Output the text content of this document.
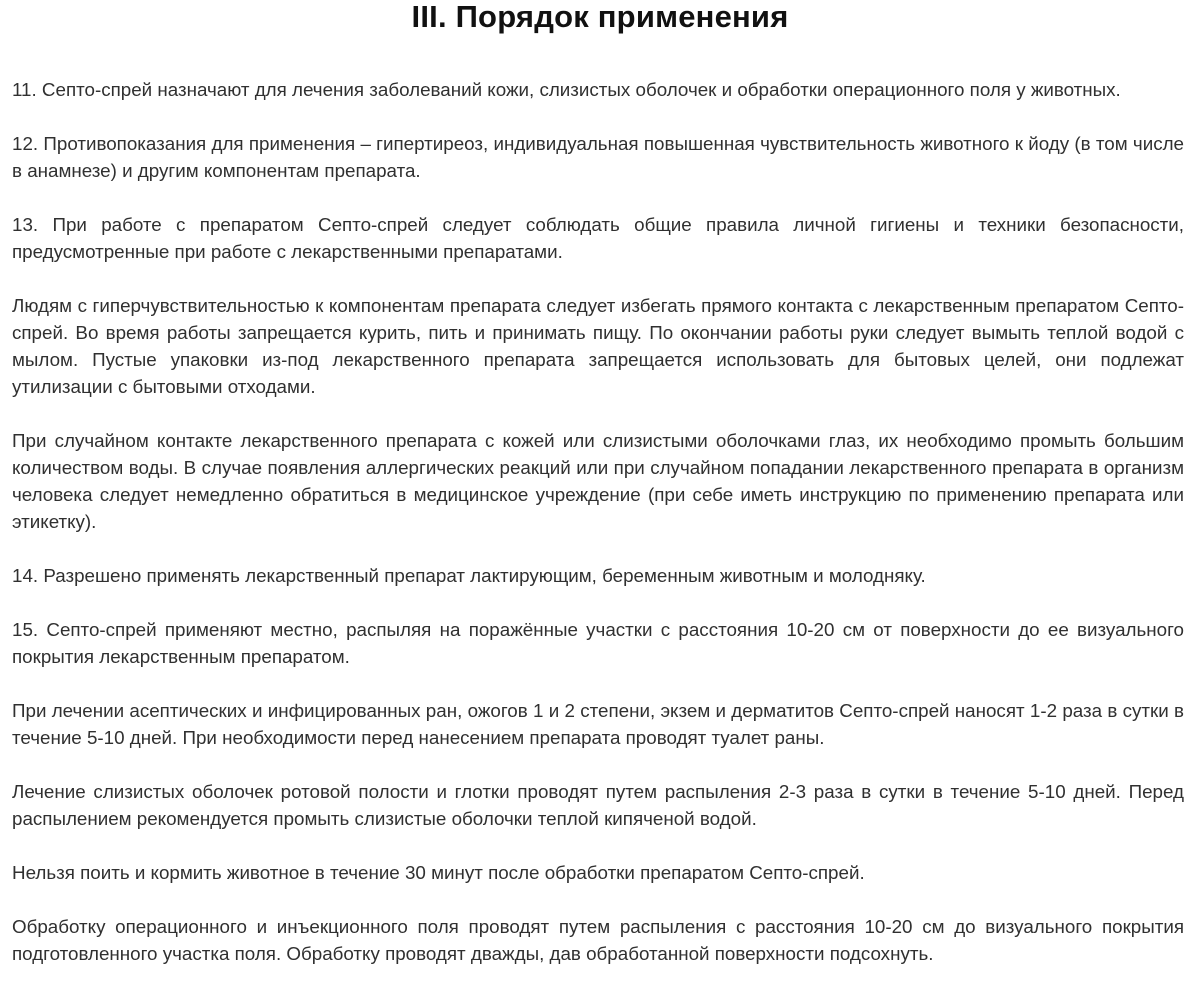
III. Порядок применения

11. Септо-спрей назначают для лечения заболеваний кожи, слизистых оболочек и обработки операционного поля у животных.

12. Противопоказания для применения – гипертиреоз, индивидуальная повышенная чувствительность животного к йоду (в том числе в анамнезе) и другим компонентам препарата.

13. При работе с препаратом Септо-спрей следует соблюдать общие правила личной гигиены и техники безопасности, предусмотренные при работе с лекарственными препаратами.

Людям с гиперчувствительностью к компонентам препарата следует избегать прямого контакта с лекарственным препаратом Септо-спрей. Во время работы запрещается курить, пить и принимать пищу. По окончании работы руки следует вымыть теплой водой с мылом. Пустые упаковки из-под лекарственного препарата запрещается использовать для бытовых целей, они подлежат утилизации с бытовыми отходами.

При случайном контакте лекарственного препарата с кожей или слизистыми оболочками глаз, их необходимо промыть большим количеством воды. В случае появления аллергических реакций или при случайном попадании лекарственного препарата в организм человека следует немедленно обратиться в медицинское учреждение (при себе иметь инструкцию по применению препарата или этикетку).

14. Разрешено применять лекарственный препарат лактирующим, беременным животным и молодняку.

15. Септо-спрей применяют местно, распыляя на поражённые участки с расстояния 10-20 см от поверхности до ее визуального покрытия лекарственным препаратом.

При лечении асептических и инфицированных ран, ожогов 1 и 2 степени, экзем и дерматитов Септо-спрей наносят 1-2 раза в сутки в течение 5-10 дней. При необходимости перед нанесением препарата проводят туалет раны.

Лечение слизистых оболочек ротовой полости и глотки проводят путем распыления 2-3 раза в сутки в течение 5-10 дней. Перед распылением рекомендуется промыть слизистые оболочки теплой кипяченой водой.

Нельзя поить и кормить животное в течение 30 минут после обработки препаратом Септо-спрей.

Обработку операционного и инъекционного поля проводят путем распыления с расстояния 10-20 см до визуального покрытия подготовленного участка поля. Обработку проводят дважды, дав обработанной поверхности подсохнуть.
